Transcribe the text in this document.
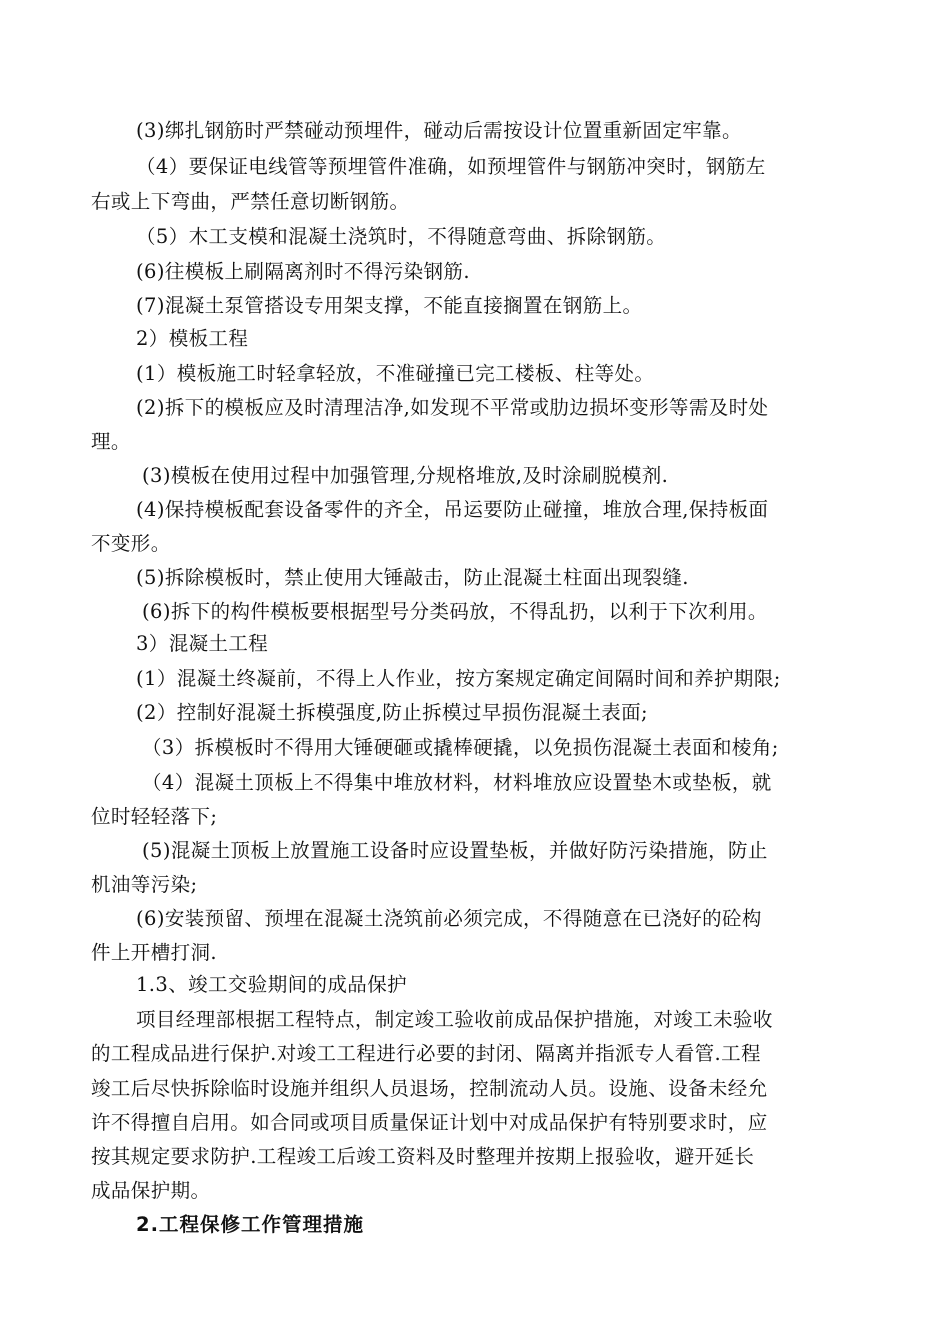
(3)绑扎钢筋时严禁碰动预埋件，碰动后需按设计位置重新固定牢靠。
（4）要保证电线管等预埋管件准确，如预埋管件与钢筋冲突时，钢筋左
右或上下弯曲，严禁任意切断钢筋。
（5）木工支模和混凝土浇筑时，不得随意弯曲、拆除钢筋。
(6)往模板上刷隔离剂时不得污染钢筋.
(7)混凝土泵管搭设专用架支撑，不能直接搁置在钢筋上。
2）模板工程
(1）模板施工时轻拿轻放，不准碰撞已完工楼板、柱等处。
(2)拆下的模板应及时清理洁净,如发现不平常或肋边损坏变形等需及时处
理。
(3)模板在使用过程中加强管理,分规格堆放,及时涂刷脱模剂.
(4)保持模板配套设备零件的齐全，吊运要防止碰撞，堆放合理,保持板面
不变形。
(5)拆除模板时，禁止使用大锤敲击，防止混凝土柱面出现裂缝.
(6)拆下的构件模板要根据型号分类码放，不得乱扔，以利于下次利用。
3）混凝土工程
(1）混凝土终凝前，不得上人作业，按方案规定确定间隔时间和养护期限;
(2）控制好混凝土拆模强度,防止拆模过早损伤混凝土表面;
（3）拆模板时不得用大锤硬砸或撬棒硬撬，以免损伤混凝土表面和棱角;
（4）混凝土顶板上不得集中堆放材料，材料堆放应设置垫木或垫板，就
位时轻轻落下;
(5)混凝土顶板上放置施工设备时应设置垫板，并做好防污染措施，防止
机油等污染;
(6)安装预留、预埋在混凝土浇筑前必须完成，不得随意在已浇好的砼构
件上开槽打洞.
1.3、竣工交验期间的成品保护
项目经理部根据工程特点，制定竣工验收前成品保护措施，对竣工未验收
的工程成品进行保护.对竣工工程进行必要的封闭、隔离并指派专人看管.工程
竣工后尽快拆除临时设施并组织人员退场，控制流动人员。设施、设备未经允
许不得擅自启用。如合同或项目质量保证计划中对成品保护有特别要求时，应
按其规定要求防护.工程竣工后竣工资料及时整理并按期上报验收，避开延长
成品保护期。
2.工程保修工作管理措施
